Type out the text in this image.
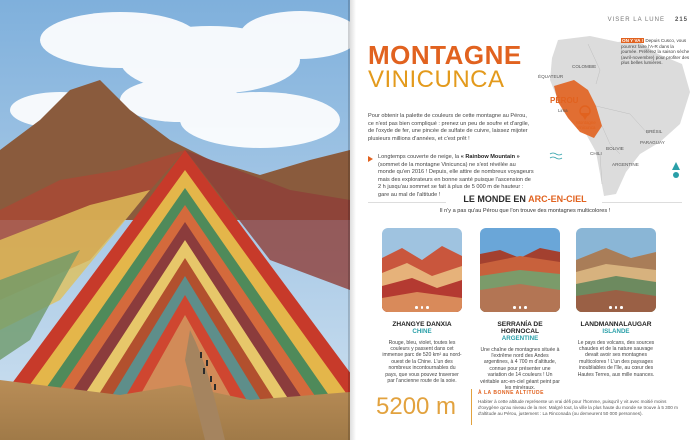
VISER LA LUNE 215
MONTAGNE
VINICUNCA
Pour obtenir la palette de couleurs de cette montagne au Pérou, ce n'est pas bien compliqué : prenez un peu de soufre et d'argile, de l'oxyde de fer, une pincée de sulfate de cuivre, laissez mijoter plusieurs millions d'années, et c'est prêt !
Longtemps couverte de neige, la « Rainbow Mountain » (sommet de la montagne Vinicunca) ne s'est révélée au monde qu'en 2016 ! Depuis, elle attire de nombreux voyageurs mais des explorateurs en bonne santé puisque l'ascension de 2 h jusqu'au sommet se fait à plus de 5 000 m de hauteur : gare au mal de l'altitude !
COLOMBIE
ÉQUATEUR
PÉROU
Lima
Montagne Vinicunca
BRÉSIL
BOLIVIE
PARAGUAY
CHILI
ARGENTINE
ON Y VA ! Depuis Cusco, vous pourrez faire l'A-R dans la journée. Préférez la saison sèche (avril-novembre) pour profiter des plus belles lumières.
LE MONDE EN ARC-EN-CIEL
Il n'y a pas qu'au Pérou que l'on trouve des montagnes multicolores !
ZHANGYE DANXIA
CHINE
Rouge, bleu, violet, toutes les couleurs y passent dans cet immense parc de 520 km² au nord-ouest de la Chine. L'un des nombreux incontournables du pays, que vous pouvez traverser par l'ancienne route de la soie.
SERRANÍA DE HORNOCAL
ARGENTINE
Une chaîne de montagnes située à l'extrême nord des Andes argentines, à 4 700 m d'altitude, connue pour présenter une variation de 14 couleurs ! Un véritable arc-en-ciel géant peint par les minéraux.
LANDMANNALAUGAR
ISLANDE
Le pays des volcans, des sources chaudes et de la nature sauvage devait avoir ses montagnes multicolores ! L'un des paysages inoubliables de l'île, au cœur des Hautes Terres, aux mille nuances.
5200 m	À LA BONNE ALTITUDE
Habiter à cette altitude représente un vrai défi pour l'homme, puisqu'il y vit avec moitié moins d'oxygène qu'au niveau de la mer. Malgré tout, la ville la plus haute du monde se trouve à 5 300 m d'altitude au Pérou, justement : La Rinconada (ou demeurent 50 000 personnes).
